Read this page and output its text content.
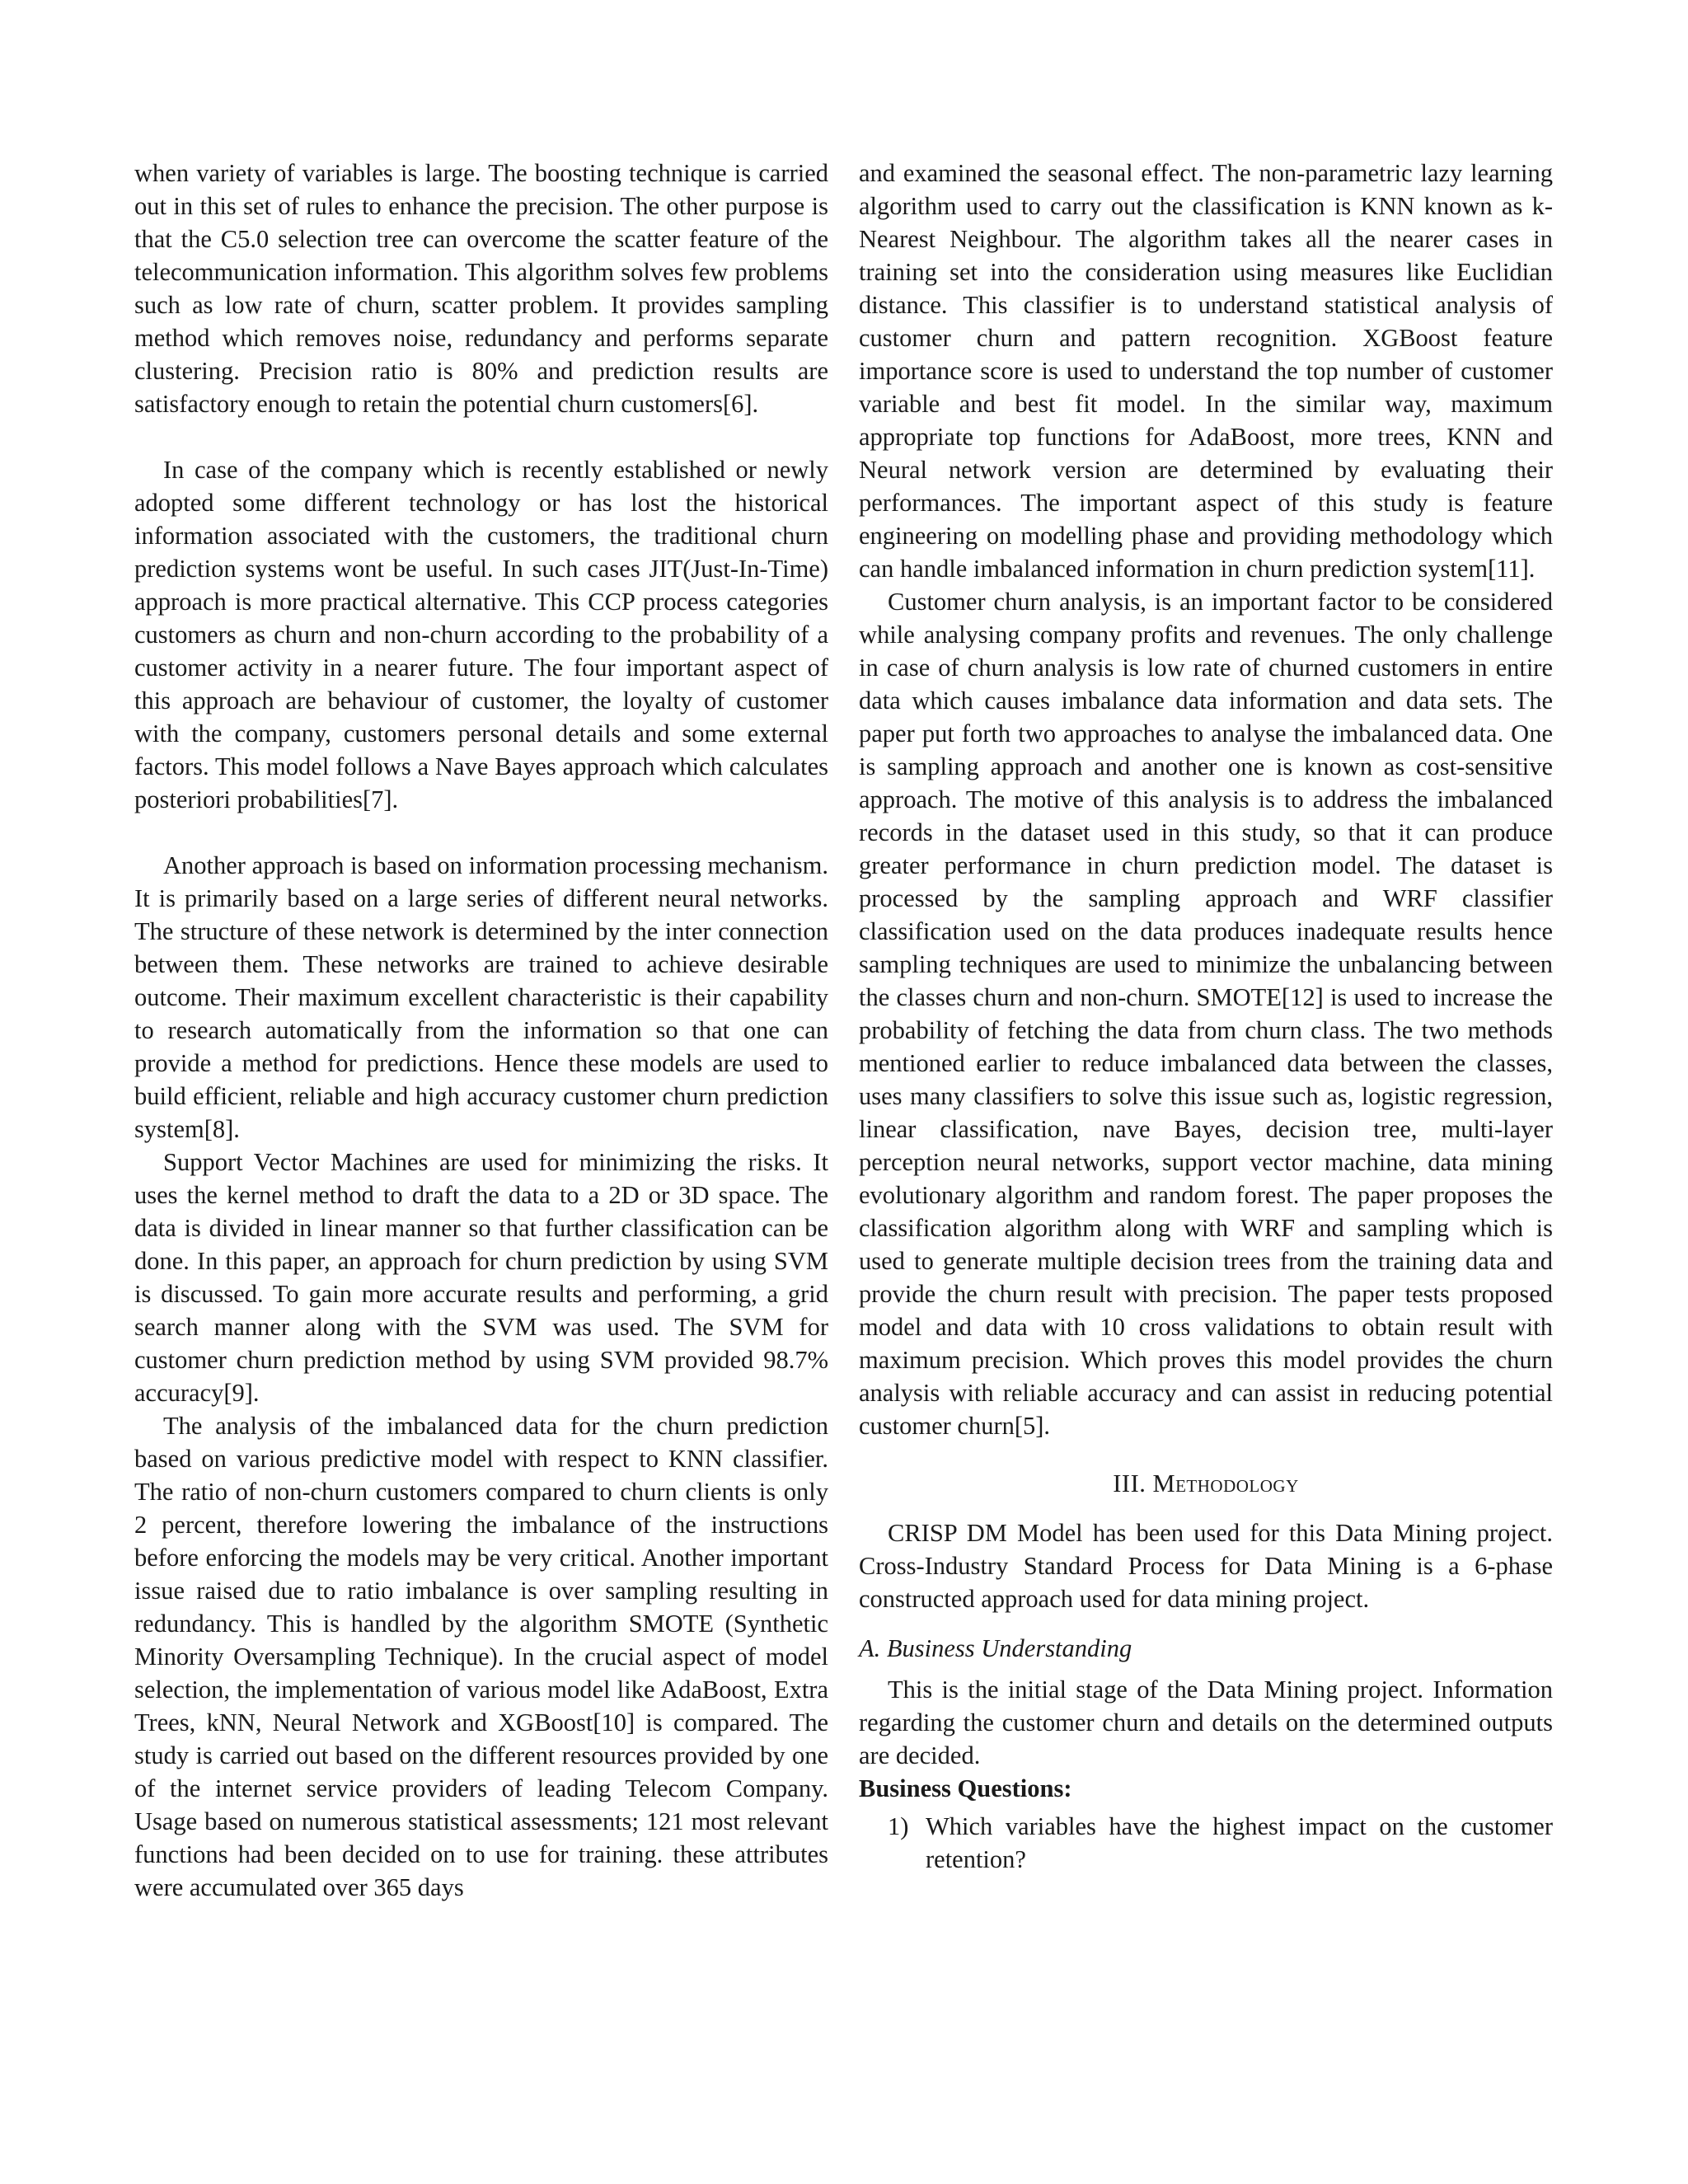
when variety of variables is large. The boosting technique is carried out in this set of rules to enhance the precision. The other purpose is that the C5.0 selection tree can overcome the scatter feature of the telecommunication information. This algorithm solves few problems such as low rate of churn, scatter problem. It provides sampling method which removes noise, redundancy and performs separate clustering. Precision ratio is 80% and prediction results are satisfactory enough to retain the potential churn customers[6].

In case of the company which is recently established or newly adopted some different technology or has lost the historical information associated with the customers, the traditional churn prediction systems wont be useful. In such cases JIT(Just-In-Time) approach is more practical alternative. This CCP process categories customers as churn and non-churn according to the probability of a customer activity in a nearer future. The four important aspect of this approach are behaviour of customer, the loyalty of customer with the company, customers personal details and some external factors. This model follows a Nave Bayes approach which calculates posteriori probabilities[7].

Another approach is based on information processing mechanism. It is primarily based on a large series of different neural networks. The structure of these network is determined by the inter connection between them. These networks are trained to achieve desirable outcome. Their maximum excellent characteristic is their capability to research automatically from the information so that one can provide a method for predictions. Hence these models are used to build efficient, reliable and high accuracy customer churn prediction system[8].

Support Vector Machines are used for minimizing the risks. It uses the kernel method to draft the data to a 2D or 3D space. The data is divided in linear manner so that further classification can be done. In this paper, an approach for churn prediction by using SVM is discussed. To gain more accurate results and performing, a grid search manner along with the SVM was used. The SVM for customer churn prediction method by using SVM provided 98.7% accuracy[9].

The analysis of the imbalanced data for the churn prediction based on various predictive model with respect to KNN classifier. The ratio of non-churn customers compared to churn clients is only 2 percent, therefore lowering the imbalance of the instructions before enforcing the models may be very critical. Another important issue raised due to ratio imbalance is over sampling resulting in redundancy. This is handled by the algorithm SMOTE (Synthetic Minority Oversampling Technique). In the crucial aspect of model selection, the implementation of various model like AdaBoost, Extra Trees, kNN, Neural Network and XGBoost[10] is compared. The study is carried out based on the different resources provided by one of the internet service providers of leading Telecom Company. Usage based on numerous statistical assessments; 121 most relevant functions had been decided on to use for training. these attributes were accumulated over 365 days

and examined the seasonal effect. The non-parametric lazy learning algorithm used to carry out the classification is KNN known as k-Nearest Neighbour. The algorithm takes all the nearer cases in training set into the consideration using measures like Euclidian distance. This classifier is to understand statistical analysis of customer churn and pattern recognition. XGBoost feature importance score is used to understand the top number of customer variable and best fit model. In the similar way, maximum appropriate top functions for AdaBoost, more trees, KNN and Neural network version are determined by evaluating their performances. The important aspect of this study is feature engineering on modelling phase and providing methodology which can handle imbalanced information in churn prediction system[11].

Customer churn analysis, is an important factor to be considered while analysing company profits and revenues. The only challenge in case of churn analysis is low rate of churned customers in entire data which causes imbalance data information and data sets. The paper put forth two approaches to analyse the imbalanced data. One is sampling approach and another one is known as cost-sensitive approach. The motive of this analysis is to address the imbalanced records in the dataset used in this study, so that it can produce greater performance in churn prediction model. The dataset is processed by the sampling approach and WRF classifier classification used on the data produces inadequate results hence sampling techniques are used to minimize the unbalancing between the classes churn and non-churn. SMOTE[12] is used to increase the probability of fetching the data from churn class. The two methods mentioned earlier to reduce imbalanced data between the classes, uses many classifiers to solve this issue such as, logistic regression, linear classification, nave Bayes, decision tree, multi-layer perception neural networks, support vector machine, data mining evolutionary algorithm and random forest. The paper proposes the classification algorithm along with WRF and sampling which is used to generate multiple decision trees from the training data and provide the churn result with precision. The paper tests proposed model and data with 10 cross validations to obtain result with maximum precision. Which proves this model provides the churn analysis with reliable accuracy and can assist in reducing potential customer churn[5].

III. Methodology

CRISP DM Model has been used for this Data Mining project. Cross-Industry Standard Process for Data Mining is a 6-phase constructed approach used for data mining project.

A. Business Understanding

This is the initial stage of the Data Mining project. Information regarding the customer churn and details on the determined outputs are decided.

Business Questions:
1) Which variables have the highest impact on the customer retention?
